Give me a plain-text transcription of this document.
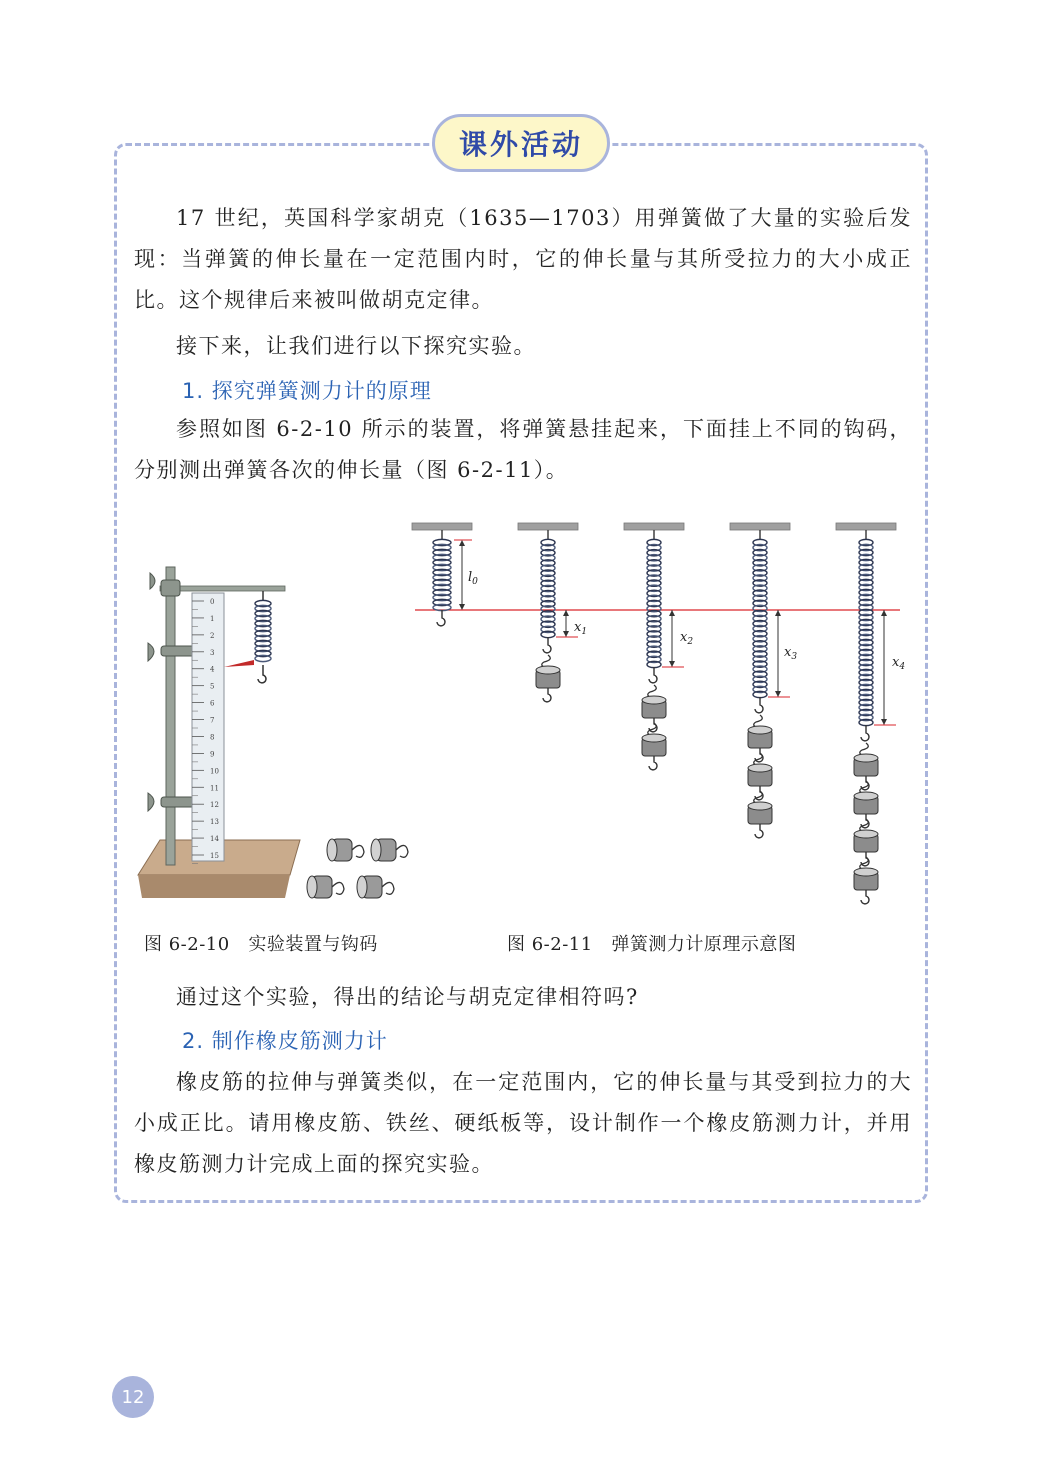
课外活动

17 世纪，英国科学家胡克（1635—1703）用弹簧做了大量的实验后发现：当弹簧的伸长量在一定范围内时，它的伸长量与其所受拉力的大小成正比。这个规律后来被叫做胡克定律。

接下来，让我们进行以下探究实验。

1. 探究弹簧测力计的原理

参照如图 6-2-10 所示的装置，将弹簧悬挂起来，下面挂上不同的钩码，分别测出弹簧各次的伸长量（图 6-2-11）。

0
1
2
3
4
5
6
7
8
9
10
11
12
13
14
15
$l_0$
$x_1$	$x_2$
$x_3$	$x_4$

图 6-2-10   实验装置与钩码	图 6-2-11   弹簧测力计原理示意图

通过这个实验，得出的结论与胡克定律相符吗?

2. 制作橡皮筋测力计

橡皮筋的拉伸与弹簧类似，在一定范围内，它的伸长量与其受到拉力的大小成正比。请用橡皮筋、铁丝、硬纸板等，设计制作一个橡皮筋测力计，并用橡皮筋测力计完成上面的探究实验。

12
